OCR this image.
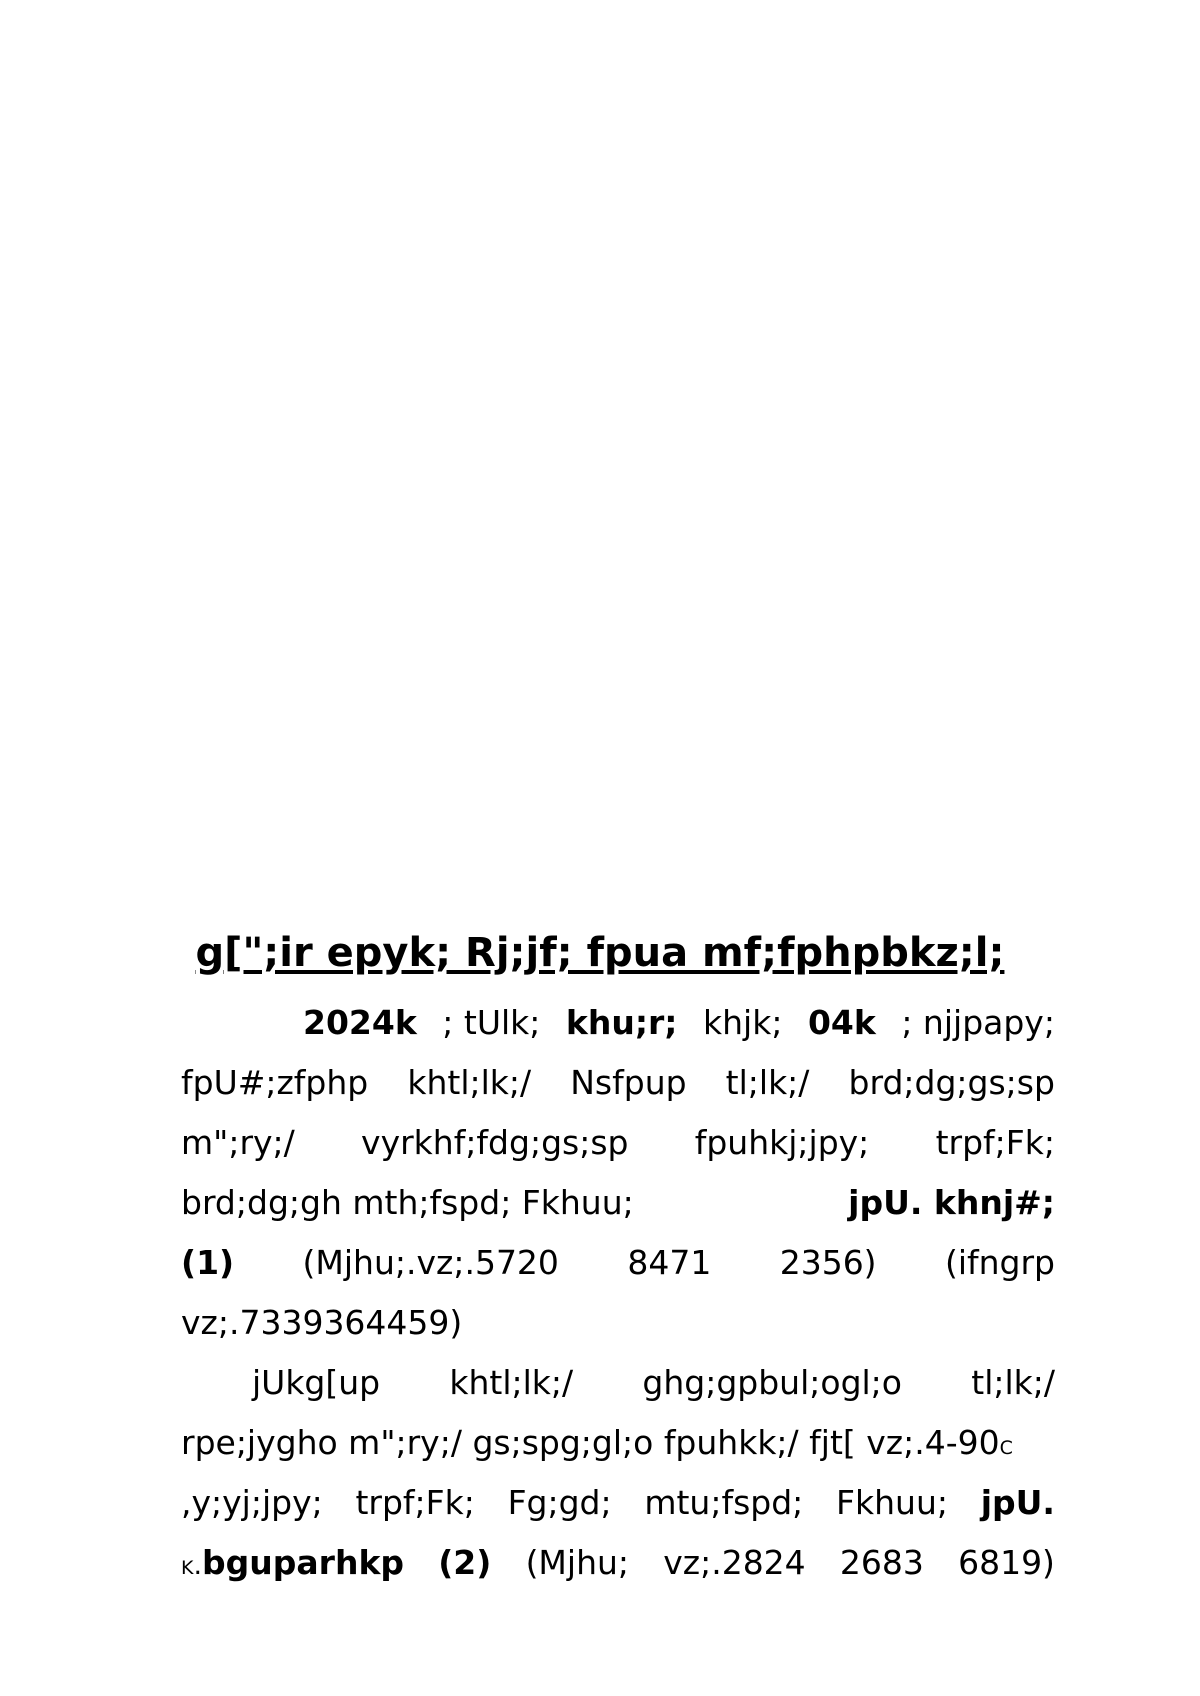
g[";ir epyk; Rj;jf; fpua mf;fphpbkz;l;
2024k ; tUlk; khu;r; khjk; 04k ; njjpapy;
fpU#;zfphp khtl;lk;/ Nsfpup tl;lk;/ brd;dg;gs;sp
m";ry;/ vyrkhf;fdg;gs;sp fpuhkj;jpy; trpf;Fk;
brd;dg;gh mth;fspd; Fkhuu;	jpU. khnj#;
(1) (Mjhu;.vz;.5720 8471 2356) (ifngrp
vz;.7339364459)
jUkg[up khtl;lk;/ ghg;gpbul;ogl;o tl;lk;/
rpe;jygho m";ry;/ gs;spg;gl;o fpuhkk;/ fjt[ vz;.4-90 c
,y;yj;jpy; trpf;Fk; Fg;gd; mtu;fspd; Fkhuu; jpU.
k.bguparhkp (2) (Mjhu; vz;.2824 2683 6819)
